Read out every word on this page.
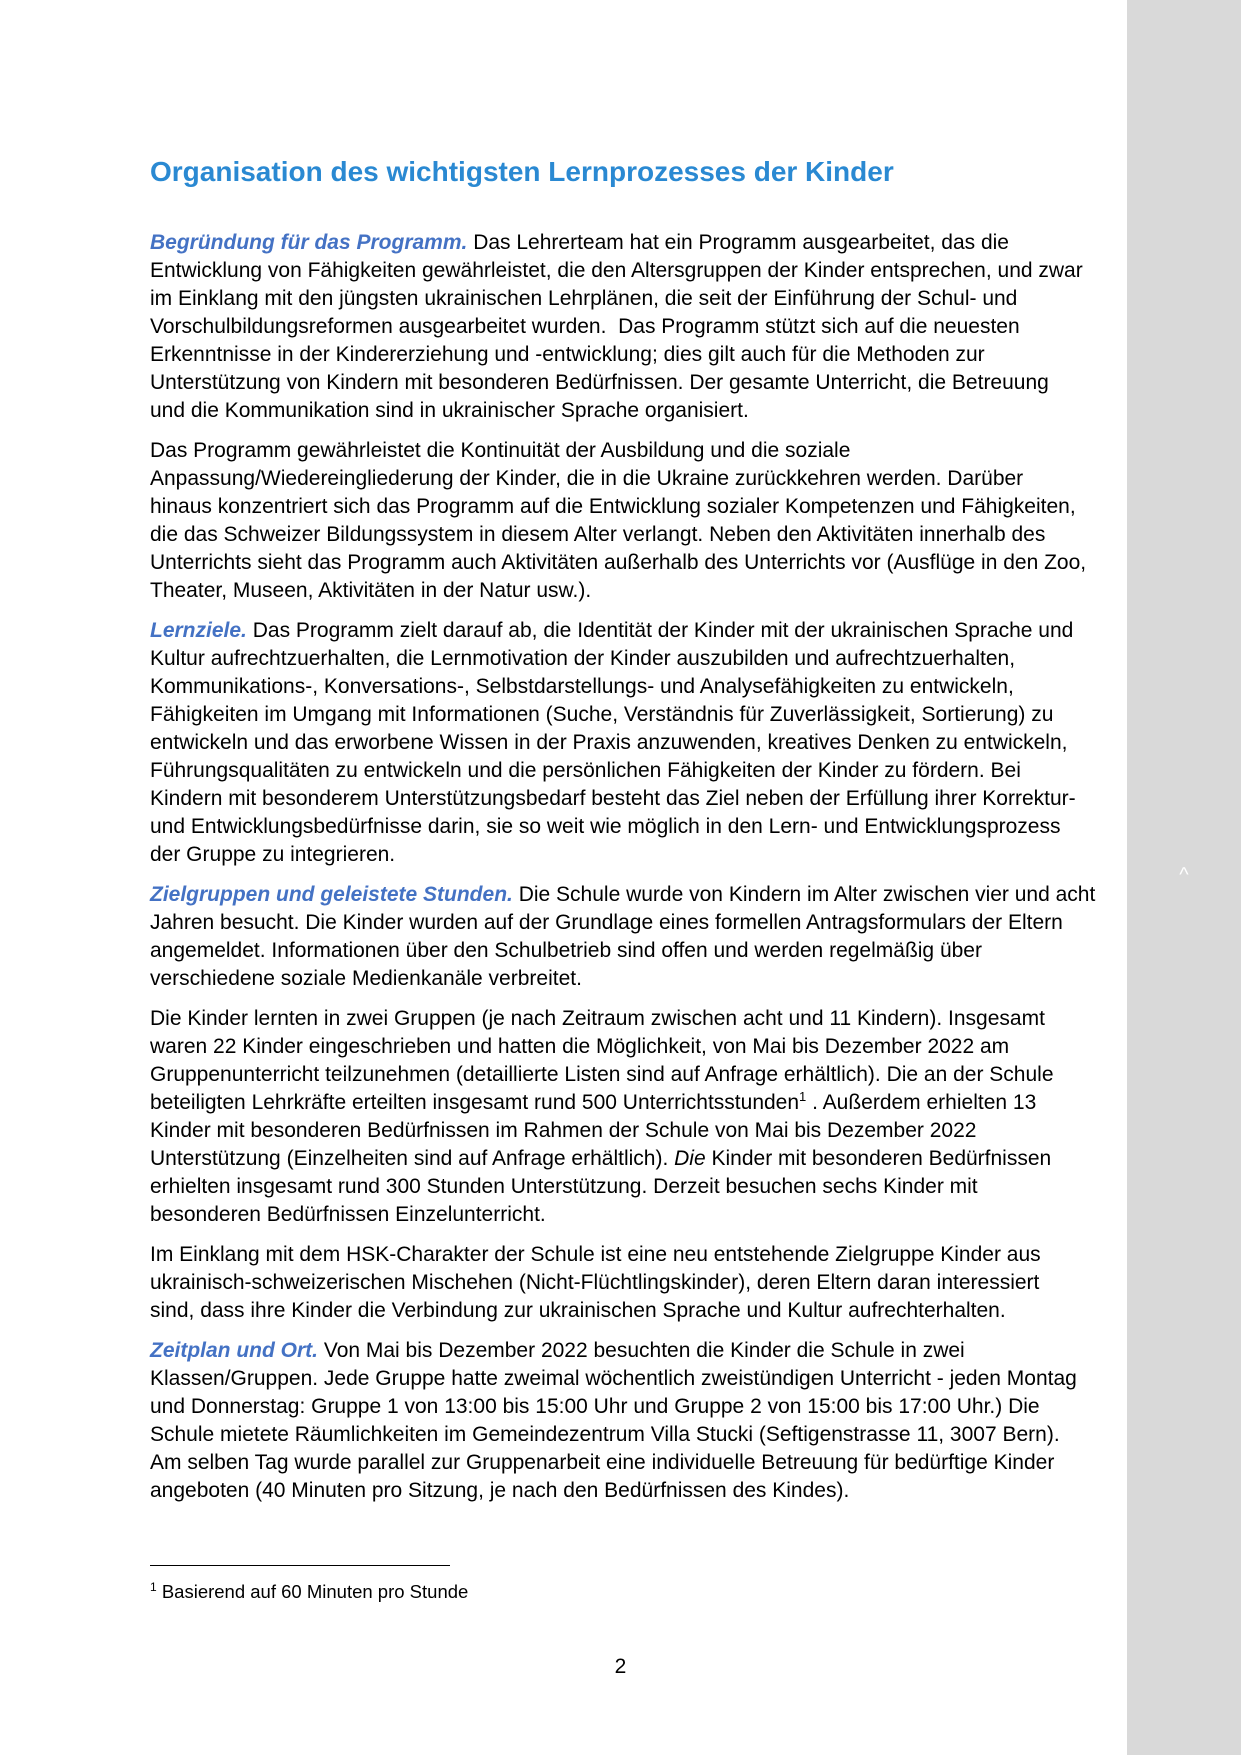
Organisation des wichtigsten Lernprozesses der Kinder

Begründung für das Programm. Das Lehrerteam hat ein Programm ausgearbeitet, das die
Entwicklung von Fähigkeiten gewährleistet, die den Altersgruppen der Kinder entsprechen, und zwar
im Einklang mit den jüngsten ukrainischen Lehrplänen, die seit der Einführung der Schul- und
Vorschulbildungsreformen ausgearbeitet wurden.  Das Programm stützt sich auf die neuesten
Erkenntnisse in der Kindererziehung und -entwicklung; dies gilt auch für die Methoden zur
Unterstützung von Kindern mit besonderen Bedürfnissen. Der gesamte Unterricht, die Betreuung
und die Kommunikation sind in ukrainischer Sprache organisiert.

Das Programm gewährleistet die Kontinuität der Ausbildung und die soziale
Anpassung/Wiedereingliederung der Kinder, die in die Ukraine zurückkehren werden. Darüber
hinaus konzentriert sich das Programm auf die Entwicklung sozialer Kompetenzen und Fähigkeiten,
die das Schweizer Bildungssystem in diesem Alter verlangt. Neben den Aktivitäten innerhalb des
Unterrichts sieht das Programm auch Aktivitäten außerhalb des Unterrichts vor (Ausflüge in den Zoo,
Theater, Museen, Aktivitäten in der Natur usw.).

Lernziele. Das Programm zielt darauf ab, die Identität der Kinder mit der ukrainischen Sprache und
Kultur aufrechtzuerhalten, die Lernmotivation der Kinder auszubilden und aufrechtzuerhalten,
Kommunikations-, Konversations-, Selbstdarstellungs- und Analysefähigkeiten zu entwickeln,
Fähigkeiten im Umgang mit Informationen (Suche, Verständnis für Zuverlässigkeit, Sortierung) zu
entwickeln und das erworbene Wissen in der Praxis anzuwenden, kreatives Denken zu entwickeln,
Führungsqualitäten zu entwickeln und die persönlichen Fähigkeiten der Kinder zu fördern. Bei
Kindern mit besonderem Unterstützungsbedarf besteht das Ziel neben der Erfüllung ihrer Korrektur-
und Entwicklungsbedürfnisse darin, sie so weit wie möglich in den Lern- und Entwicklungsprozess
der Gruppe zu integrieren.

Zielgruppen und geleistete Stunden. Die Schule wurde von Kindern im Alter zwischen vier und acht
Jahren besucht. Die Kinder wurden auf der Grundlage eines formellen Antragsformulars der Eltern
angemeldet. Informationen über den Schulbetrieb sind offen und werden regelmäßig über
verschiedene soziale Medienkanäle verbreitet.

Die Kinder lernten in zwei Gruppen (je nach Zeitraum zwischen acht und 11 Kindern). Insgesamt
waren 22 Kinder eingeschrieben und hatten die Möglichkeit, von Mai bis Dezember 2022 am
Gruppenunterricht teilzunehmen (detaillierte Listen sind auf Anfrage erhältlich). Die an der Schule
beteiligten Lehrkräfte erteilten insgesamt rund 500 Unterrichtsstunden$^1$ . Außerdem erhielten 13
Kinder mit besonderen Bedürfnissen im Rahmen der Schule von Mai bis Dezember 2022
Unterstützung (Einzelheiten sind auf Anfrage erhältlich). Die Kinder mit besonderen Bedürfnissen
erhielten insgesamt rund 300 Stunden Unterstützung. Derzeit besuchen sechs Kinder mit
besonderen Bedürfnissen Einzelunterricht.

Im Einklang mit dem HSK-Charakter der Schule ist eine neu entstehende Zielgruppe Kinder aus
ukrainisch-schweizerischen Mischehen (Nicht-Flüchtlingskinder), deren Eltern daran interessiert
sind, dass ihre Kinder die Verbindung zur ukrainischen Sprache und Kultur aufrechterhalten.

Zeitplan und Ort. Von Mai bis Dezember 2022 besuchten die Kinder die Schule in zwei
Klassen/Gruppen. Jede Gruppe hatte zweimal wöchentlich zweistündigen Unterricht - jeden Montag
und Donnerstag: Gruppe 1 von 13:00 bis 15:00 Uhr und Gruppe 2 von 15:00 bis 17:00 Uhr.) Die
Schule mietete Räumlichkeiten im Gemeindezentrum Villa Stucki (Seftigenstrasse 11, 3007 Bern).
Am selben Tag wurde parallel zur Gruppenarbeit eine individuelle Betreuung für bedürftige Kinder
angeboten (40 Minuten pro Sitzung, je nach den Bedürfnissen des Kindes).

$^1$ Basierend auf 60 Minuten pro Stunde
2
^
